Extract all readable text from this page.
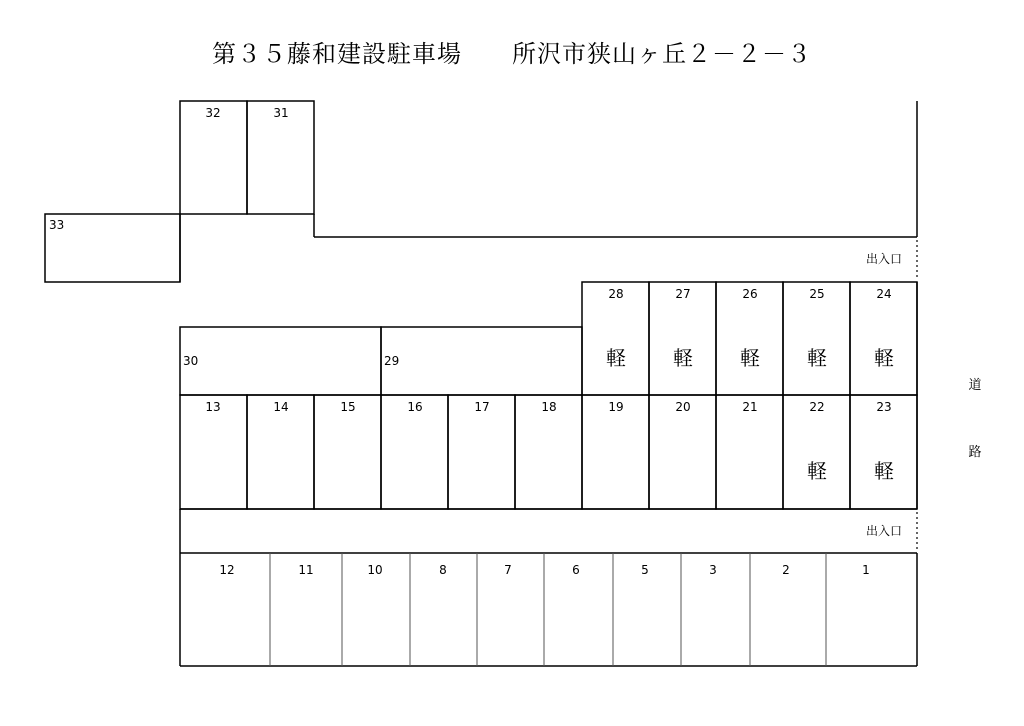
第３５藤和建設駐車場　　所沢市狭山ヶ丘２－２－３
出入口
出入口
道
路
32	31
33
30	29
28	27	26	25	24
軽 軽 軽 軽 軽
13	14	15	16	17	18	19	20	21	22	23
軽 軽
12	11	10	8	7	6	5	3	2	1
